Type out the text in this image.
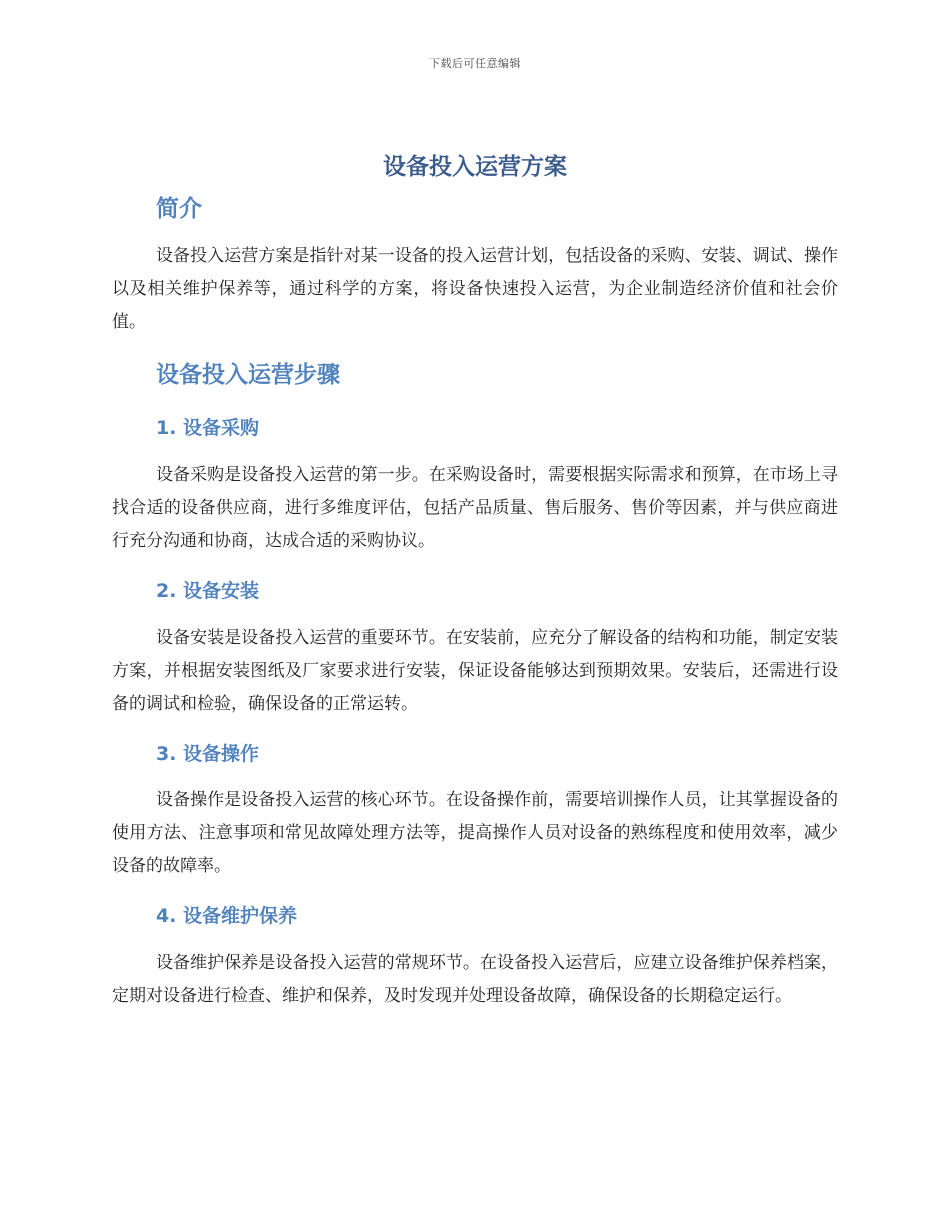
下载后可任意编辑
设备投入运营方案
简介

设备投入运营方案是指针对某一设备的投入运营计划，包括设备的采购、安装、调试、操作以及相关维护保养等，通过科学的方案，将设备快速投入运营，为企业制造经济价值和社会价值。

设备投入运营步骤
1. 设备采购

设备采购是设备投入运营的第一步。在采购设备时，需要根据实际需求和预算，在市场上寻找合适的设备供应商，进行多维度评估，包括产品质量、售后服务、售价等因素，并与供应商进行充分沟通和协商，达成合适的采购协议。

2. 设备安装

设备安装是设备投入运营的重要环节。在安装前，应充分了解设备的结构和功能，制定安装方案，并根据安装图纸及厂家要求进行安装，保证设备能够达到预期效果。安装后，还需进行设备的调试和检验，确保设备的正常运转。

3. 设备操作

设备操作是设备投入运营的核心环节。在设备操作前，需要培训操作人员，让其掌握设备的使用方法、注意事项和常见故障处理方法等，提高操作人员对设备的熟练程度和使用效率，减少设备的故障率。

4. 设备维护保养

设备维护保养是设备投入运营的常规环节。在设备投入运营后，应建立设备维护保养档案，定期对设备进行检查、维护和保养，及时发现并处理设备故障，确保设备的长期稳定运行。
